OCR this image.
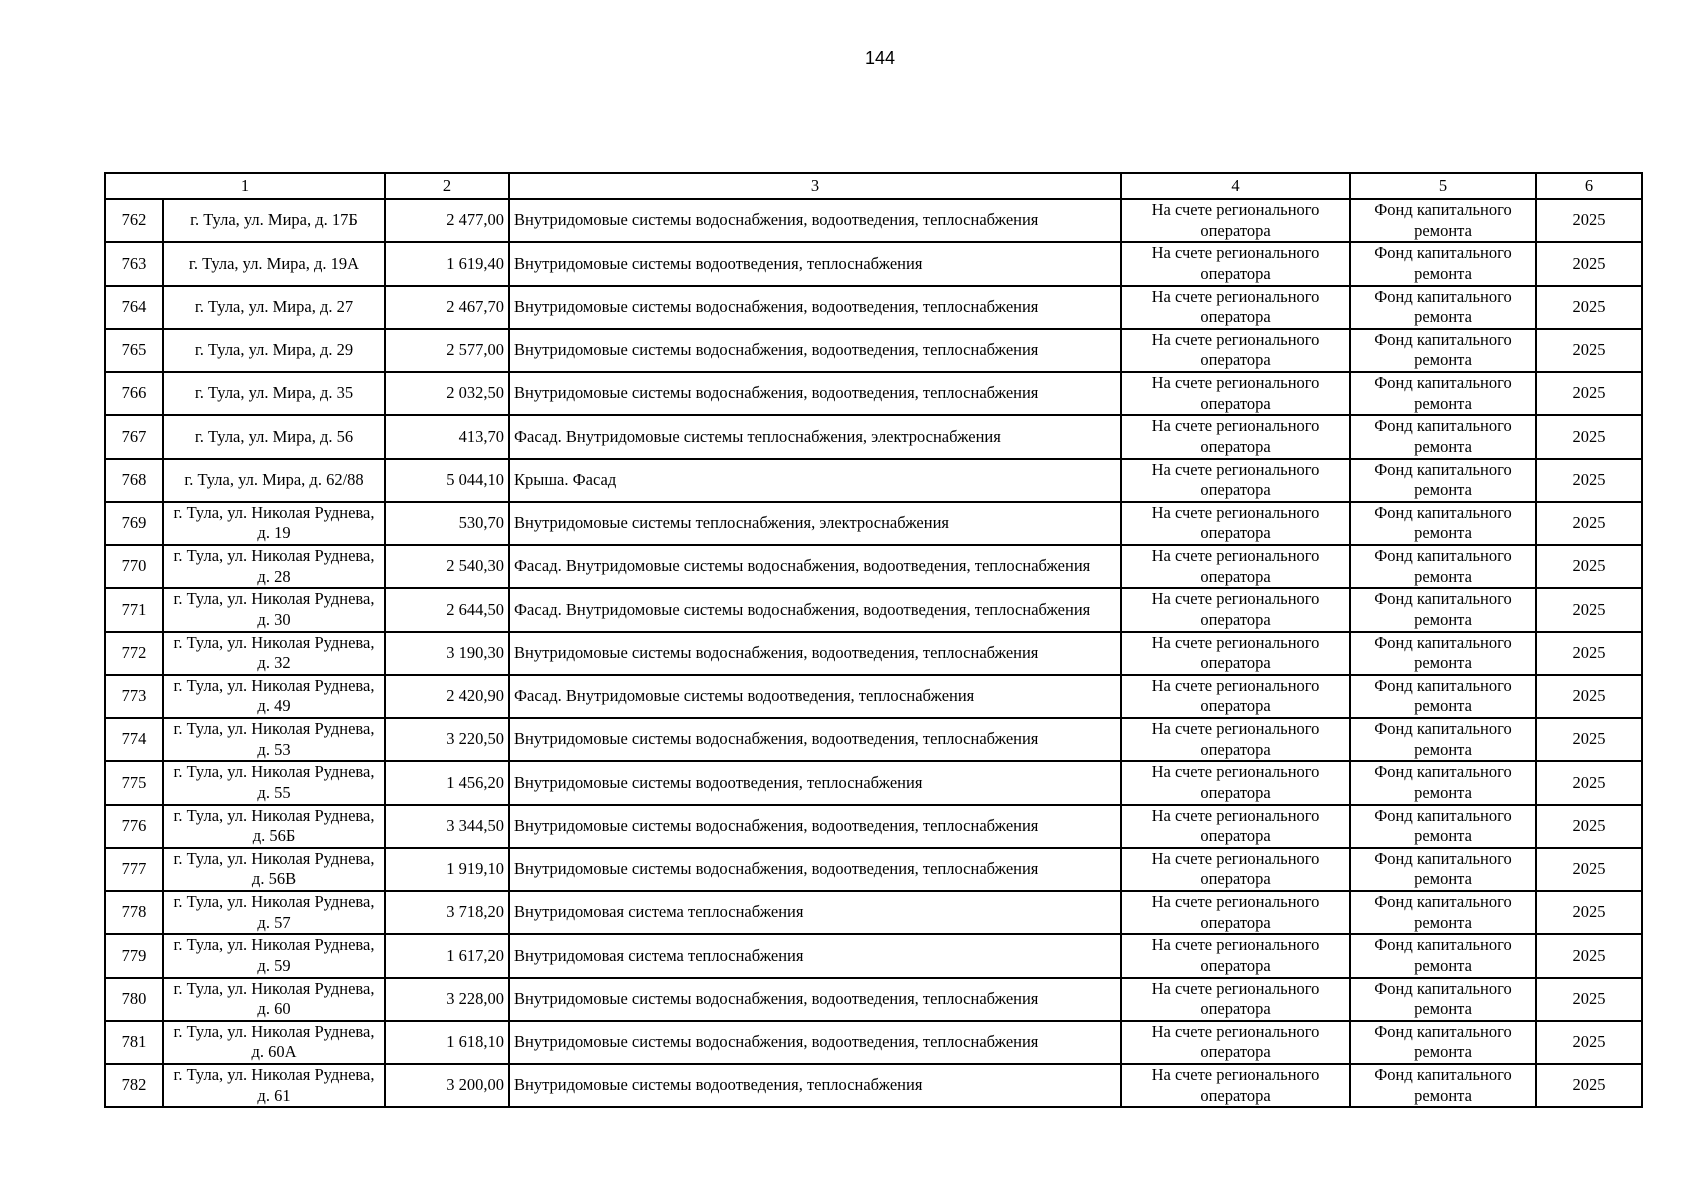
144
1		2	3	4	5	6
762	г. Тула, ул. Мира, д. 17Б	2 477,00	Внутридомовые системы водоснабжения, водоотведения, теплоснабжения	На счете регионального оператора	Фонд капитального ремонта	2025
763	г. Тула, ул. Мира, д. 19А	1 619,40	Внутридомовые системы водоотведения, теплоснабжения	На счете регионального оператора	Фонд капитального ремонта	2025
764	г. Тула, ул. Мира, д. 27	2 467,70	Внутридомовые системы водоснабжения, водоотведения, теплоснабжения	На счете регионального оператора	Фонд капитального ремонта	2025
765	г. Тула, ул. Мира, д. 29	2 577,00	Внутридомовые системы водоснабжения, водоотведения, теплоснабжения	На счете регионального оператора	Фонд капитального ремонта	2025
766	г. Тула, ул. Мира, д. 35	2 032,50	Внутридомовые системы водоснабжения, водоотведения, теплоснабжения	На счете регионального оператора	Фонд капитального ремонта	2025
767	г. Тула, ул. Мира, д. 56	413,70	Фасад. Внутридомовые системы теплоснабжения, электроснабжения	На счете регионального оператора	Фонд капитального ремонта	2025
768	г. Тула, ул. Мира, д. 62/88	5 044,10	Крыша. Фасад	На счете регионального оператора	Фонд капитального ремонта	2025
769	г. Тула, ул. Николая Руднева, д. 19	530,70	Внутридомовые системы теплоснабжения, электроснабжения	На счете регионального оператора	Фонд капитального ремонта	2025
770	г. Тула, ул. Николая Руднева, д. 28	2 540,30	Фасад. Внутридомовые системы водоснабжения, водоотведения, теплоснабжения	На счете регионального оператора	Фонд капитального ремонта	2025
771	г. Тула, ул. Николая Руднева, д. 30	2 644,50	Фасад. Внутридомовые системы водоснабжения, водоотведения, теплоснабжения	На счете регионального оператора	Фонд капитального ремонта	2025
772	г. Тула, ул. Николая Руднева, д. 32	3 190,30	Внутридомовые системы водоснабжения, водоотведения, теплоснабжения	На счете регионального оператора	Фонд капитального ремонта	2025
773	г. Тула, ул. Николая Руднева, д. 49	2 420,90	Фасад. Внутридомовые системы водоотведения, теплоснабжения	На счете регионального оператора	Фонд капитального ремонта	2025
774	г. Тула, ул. Николая Руднева, д. 53	3 220,50	Внутридомовые системы водоснабжения, водоотведения, теплоснабжения	На счете регионального оператора	Фонд капитального ремонта	2025
775	г. Тула, ул. Николая Руднева, д. 55	1 456,20	Внутридомовые системы водоотведения, теплоснабжения	На счете регионального оператора	Фонд капитального ремонта	2025
776	г. Тула, ул. Николая Руднева, д. 56Б	3 344,50	Внутридомовые системы водоснабжения, водоотведения, теплоснабжения	На счете регионального оператора	Фонд капитального ремонта	2025
777	г. Тула, ул. Николая Руднева, д. 56В	1 919,10	Внутридомовые системы водоснабжения, водоотведения, теплоснабжения	На счете регионального оператора	Фонд капитального ремонта	2025
778	г. Тула, ул. Николая Руднева, д. 57	3 718,20	Внутридомовая система теплоснабжения	На счете регионального оператора	Фонд капитального ремонта	2025
779	г. Тула, ул. Николая Руднева, д. 59	1 617,20	Внутридомовая система теплоснабжения	На счете регионального оператора	Фонд капитального ремонта	2025
780	г. Тула, ул. Николая Руднева, д. 60	3 228,00	Внутридомовые системы водоснабжения, водоотведения, теплоснабжения	На счете регионального оператора	Фонд капитального ремонта	2025
781	г. Тула, ул. Николая Руднева, д. 60А	1 618,10	Внутридомовые системы водоснабжения, водоотведения, теплоснабжения	На счете регионального оператора	Фонд капитального ремонта	2025
782	г. Тула, ул. Николая Руднева, д. 61	3 200,00	Внутридомовые системы водоотведения, теплоснабжения	На счете регионального оператора	Фонд капитального ремонта	2025
